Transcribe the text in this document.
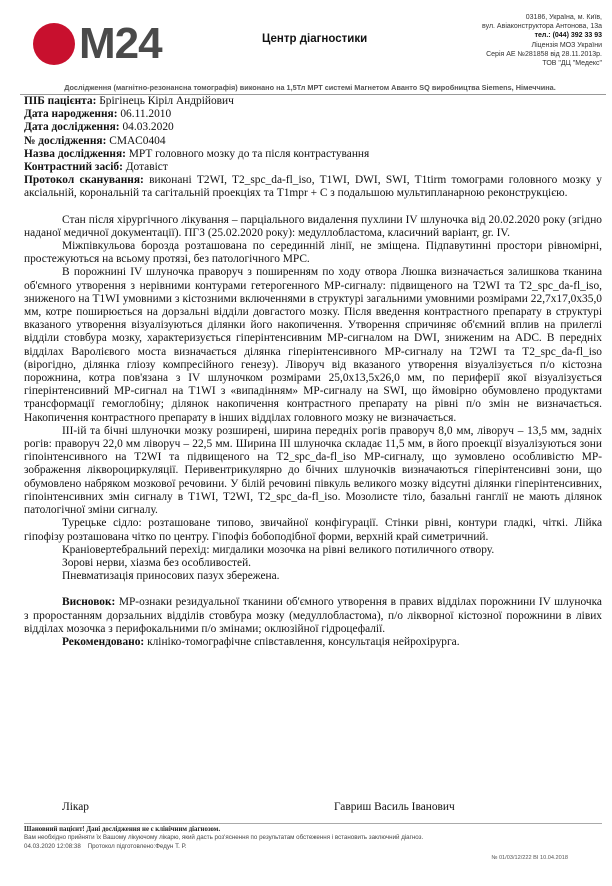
M24	Центр діагностики
03186, Україна, м. Київ,
вул. Авіаконструктора Антонова, 13а
тел.: (044) 392 33 93
Ліцензія МОЗ України
Серія АЕ №281858 від 28.11.2013р.
ТОВ "ДЦ "Медекс"
Дослідження (магнітно-резонансна томографія) виконано на 1,5Тл МРТ системі Магнетом Аванто SQ виробництва Siemens, Німеччина.
ПІБ пацієнта: Брігінець Кіріл Андрійович
Дата народження: 06.11.2010
Дата дослідження: 04.03.2020
№ дослідження: CMAC0404
Назва дослідження: МРТ головного мозку до та після контрастування
Контрастний засіб: Дотавіст
Протокол сканування: виконані T2WI, T2_spc_da-fl_iso, T1WI, DWI, SWI, T1tirm томограми головного мозку у аксіальній, корональній та сагітальній проекціях та T1mpr + C з подальшою мультипланарною реконструкцією.
Стан після хірургічного лікування – парціального видалення пухлини IV шлуночка від 20.02.2020 року (згідно наданої медичної документації). ПГЗ (25.02.2020 року): медуллобластома, класичний варіант, gr. IV.
Міжпівкульова борозда розташована по серединній лінії, не зміщена. Підпавутинні простори рівномірні, простежуються на всьому протязі, без патологічного МРС.
В порожнині IV шлуночка праворуч з поширенням по ходу отвора Люшка визначається залишкова тканина об'ємного утворення з нерівними контурами гетерогенного МР-сигналу: підвищеного на T2WI та T2_spc_da-fl_iso, зниженого на T1WI умовними з кістозними включеннями в структурі загальними умовними розмірами 22,7х17,0х35,0 мм, котре поширюється на дорзальні відділи довгастого мозку. Після введення контрастного препарату в структурі вказаного утворення візуалізуються ділянки його накопичення. Утворення спричиняє об'ємний вплив на прилеглі відділи стовбура мозку, характеризується гіперінтенсивним МР-сигналом на DWI, зниженим на ADC. В передніх відділах Варолієвого моста визначається ділянка гіперінтенсивного МР-сигналу на T2WI та T2_spc_da-fl_iso (вірогідно, ділянка гліозу компресійного генезу). Ліворуч від вказаного утворення візуалізується п/о кістозна порожнина, котра пов'язана з IV шлуночком розмірами 25,0х13,5х26,0 мм, по периферії якої візуалізується гіперінтенсивний МР-сигнал на T1WI з «випадінням» МР-сигналу на SWI, що ймовірно обумовлено продуктами трансформації гемоглобіну; ділянок накопичення контрастного препарату на рівні п/о змін не визначається. Накопичення контрастного препарату в інших відділах головного мозку не визначається.
III-ій та бічні шлуночки мозку розширені, ширина передніх рогів праворуч 8,0 мм, ліворуч – 13,5 мм, задніх рогів: праворуч 22,0 мм ліворуч – 22,5 мм. Ширина III шлуночка складає 11,5 мм, в його проекції візуалізуються зони гіпоінтенсивного на T2WI та підвищеного на T2_spc_da-fl_iso МР-сигналу, що зумовлено особливістю МР-зображення ліквороциркуляції. Перивентрикулярно до бічних шлуночків визначаються гіперінтенсивні зони, що обумовлено набряком мозкової речовини. У білій речовині півкуль великого мозку відсутні ділянки гіперінтенсивних, гіпоінтенсивних змін сигналу в T1WI, T2WI, T2_spc_da-fl_iso. Мозолисте тіло, базальні ганглії не мають ділянок патологічної зміни сигналу.
Турецьке сідло: розташоване типово, звичайної конфігурації. Стінки рівні, контури гладкі, чіткі. Лійка гіпофізу розташована чітко по центру. Гіпофіз бобоподібної форми, верхній край симетричний.
Краніовертебральний перехід: мигдалики мозочка на рівні великого потиличного отвору.
Зорові нерви, хіазма без особливостей.
Пневматизація приносових пазух збережена.
Висновок: МР-ознаки резидуальної тканини об'ємного утворення в правих відділах порожнини IV шлуночка з проростанням дорзальних відділів стовбура мозку (медуллобластома), п/о лікворної кістозної порожнини в лівих відділах мозочка з перифокальними п/о змінами; оклюзійної гідроцефалії.
Рекомендовано: клініко-томографічне співставлення, консультація нейрохірурга.
Лікар	Гавриш Василь Іванович
Шановний пацієнт! Дані дослідження не є клінічним діагнозом.
Вам необхідно прийняти їх Вашому лікуючому лікарю, який дасть роз'яснення по результатам обстеження і встановить заключний діагноз.
04.03.2020 12:08:38 Протокол підготовлено:Федун Т. Р.
№ 01/03/12/222 ВІ 10.04.2018
